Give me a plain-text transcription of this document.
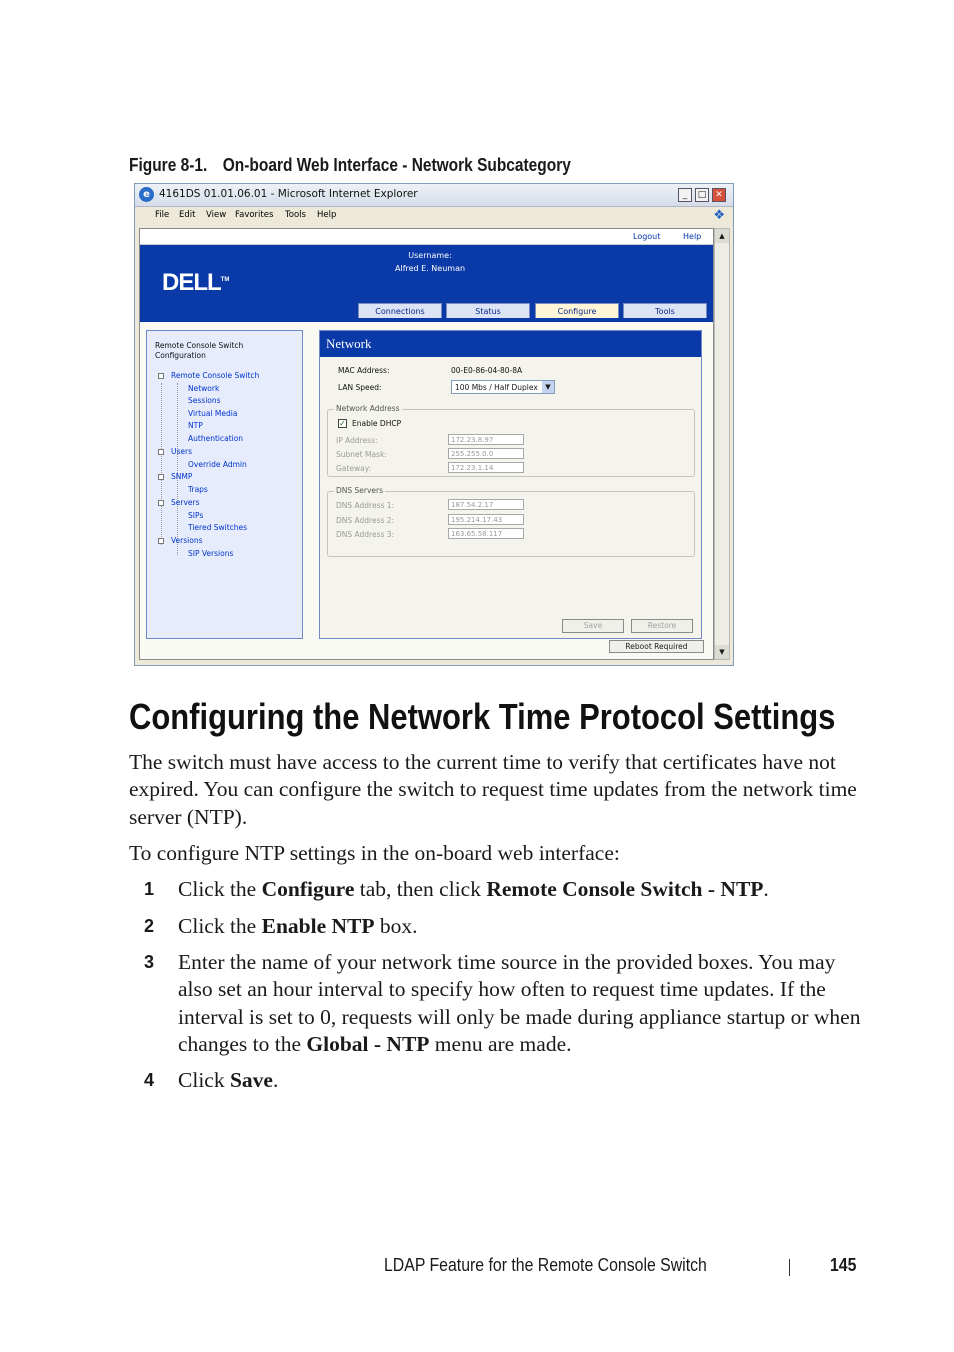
Figure 8-1. On-board Web Interface - Network Subcategory
e 4161DS 01.01.06.01 - Microsoft Internet Explorer	_	□ ✕
File Edit View Favorites Tools Help	❖
Logout	Help
DELL™
Username:
Alfred E. Neuman
Connections	Status	Configure	Tools
Remote Console Switch
Configuration
Remote Console Switch
Network
Sessions
Virtual Media
NTP
Authentication
Users
Override Admin
SNMP
Traps
Servers
SIPs
Tiered Switches
Versions
SIP Versions
Network
MAC Address:	00-E0-86-04-80-8A
LAN Speed:	100 Mbs / Half Duplex	▼
Network Address
✓ Enable DHCP
IP Address:	172.23.8.97
Subnet Mask:	255.255.0.0
Gateway:	172.23.1.14
DNS Servers
DNS Address 1:	187.54.2.17
DNS Address 2:	195.214.17.43
DNS Address 3:	163.65.58.117
Save	Restore
Reboot Required
▲
▼
Configuring the Network Time Protocol Settings

The switch must have access to the current time to verify that certificates have not expired. You can configure the switch to request time updates from the network time server (NTP).

To configure NTP settings in the on-board web interface:

1 Click the Configure tab, then click Remote Console Switch - NTP.

2 Click the Enable NTP box.

3 Enter the name of your network time source in the provided boxes. You may also set an hour interval to specify how often to request time updates. If the interval is set to 0, requests will only be made during appliance startup or when changes to the Global - NTP menu are made.

4 Click Save.

LDAP Feature for the Remote Console Switch	145
